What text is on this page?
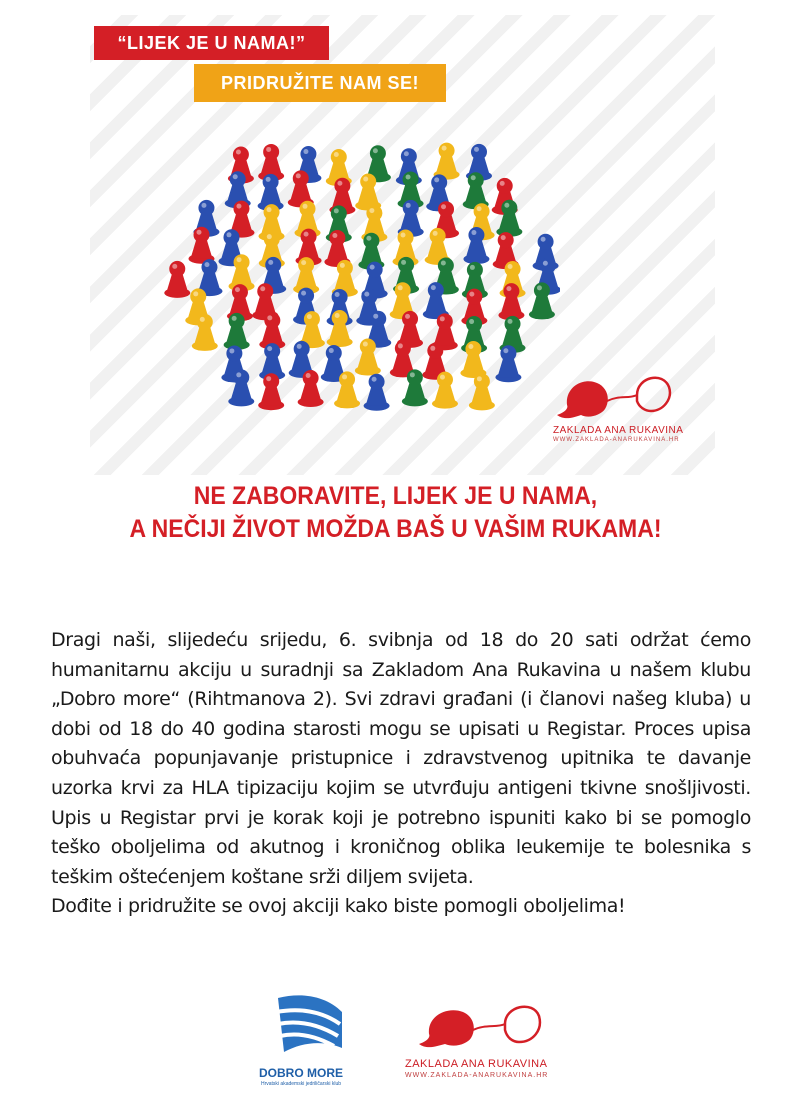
“LIJEK JE U NAMA!”
PRIDRUŽITE NAM SE!
ZAKLADA ANA RUKAVINA
WWW.ZAKLADA-ANARUKAVINA.HR
NE ZABORAVITE, LIJEK JE U NAMA,
A NEČIJI ŽIVOT MOŽDA BAŠ U VAŠIM RUKAMA!

Dragi naši, slijedeću srijedu, 6. svibnja od 18 do 20 sati održat ćemo humanitarnu akciju u suradnji sa Zakladom Ana Rukavina u našem klubu „Dobro more“ (Rihtmanova 2). Svi zdravi građani (i članovi našeg kluba) u dobi od 18 do 40 godina starosti mogu se upisati u Registar. Proces upisa obuhvaća popunjavanje pristupnice i zdravstvenog upitnika te davanje uzorka krvi za HLA tipizaciju kojim se utvrđuju antigeni tkivne snošljivosti. Upis u Registar prvi je korak koji je potrebno ispuniti kako bi se pomoglo teško oboljelima od akutnog i kroničnog oblika leukemije te bolesnika s teškim oštećenjem koštane srži diljem svijeta.

Dođite i pridružite se ovoj akciji kako biste pomogli oboljelima!

DOBRO MORE
Hrvatski akademski jedriličarski klub
ZAKLADA ANA RUKAVINA
WWW.ZAKLADA-ANARUKAVINA.HR
